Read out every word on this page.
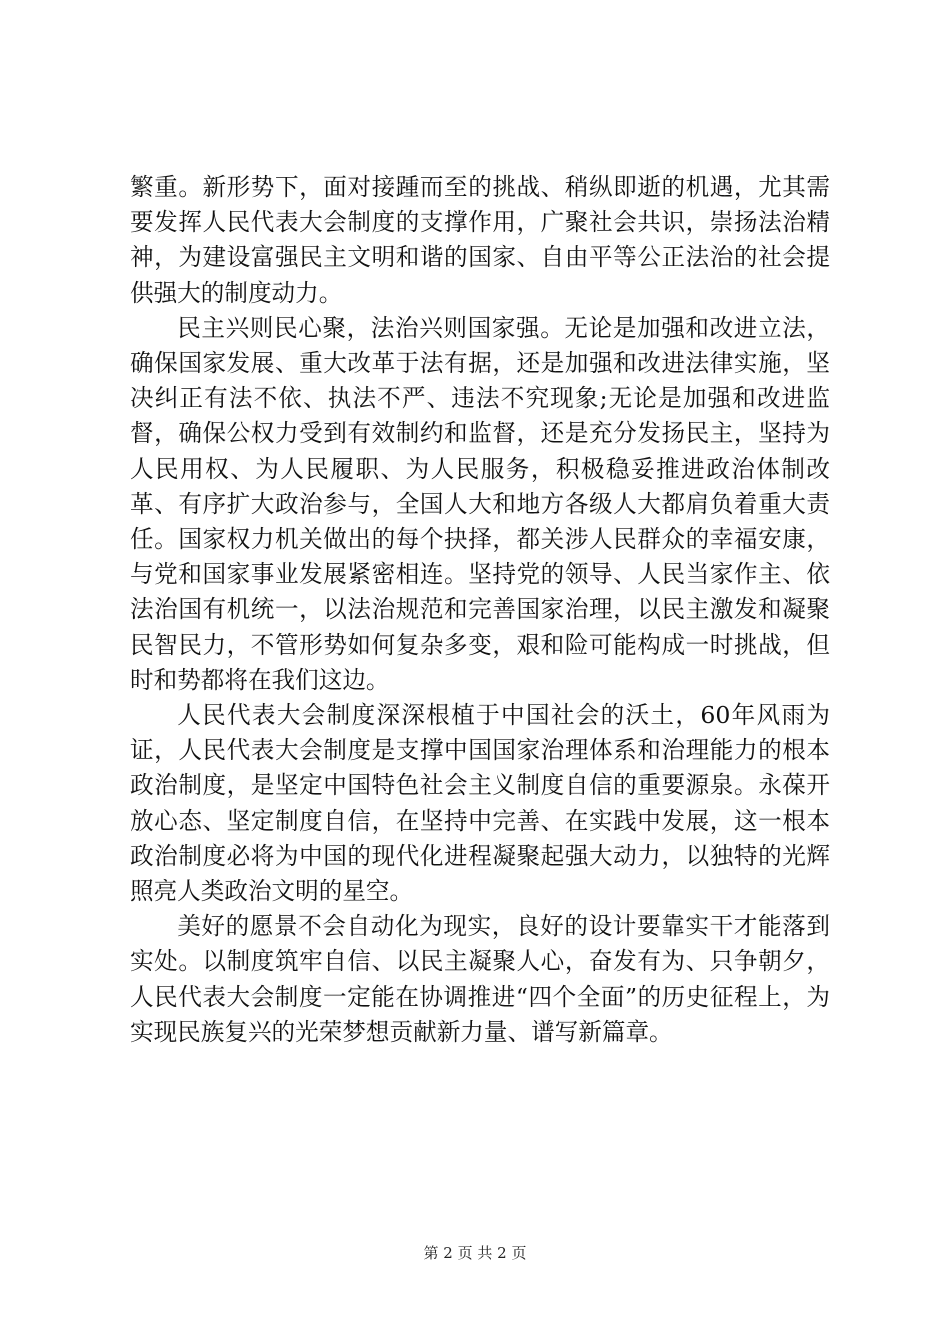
繁重。新形势下，面对接踵而至的挑战、稍纵即逝的机遇，尤其需要发挥人民代表大会制度的支撑作用，广聚社会共识，崇扬法治精神，为建设富强民主文明和谐的国家、自由平等公正法治的社会提供强大的制度动力。

民主兴则民心聚，法治兴则国家强。无论是加强和改进立法，确保国家发展、重大改革于法有据，还是加强和改进法律实施，坚决纠正有法不依、执法不严、违法不究现象;无论是加强和改进监督，确保公权力受到有效制约和监督，还是充分发扬民主，坚持为人民用权、为人民履职、为人民服务，积极稳妥推进政治体制改革、有序扩大政治参与，全国人大和地方各级人大都肩负着重大责任。国家权力机关做出的每个抉择，都关涉人民群众的幸福安康，与党和国家事业发展紧密相连。坚持党的领导、人民当家作主、依法治国有机统一，以法治规范和完善国家治理，以民主激发和凝聚民智民力，不管形势如何复杂多变，艰和险可能构成一时挑战，但时和势都将在我们这边。

人民代表大会制度深深根植于中国社会的沃土，60年风雨为证，人民代表大会制度是支撑中国国家治理体系和治理能力的根本政治制度，是坚定中国特色社会主义制度自信的重要源泉。永葆开放心态、坚定制度自信，在坚持中完善、在实践中发展，这一根本政治制度必将为中国的现代化进程凝聚起强大动力，以独特的光辉照亮人类政治文明的星空。

美好的愿景不会自动化为现实，良好的设计要靠实干才能落到实处。以制度筑牢自信、以民主凝聚人心，奋发有为、只争朝夕，人民代表大会制度一定能在协调推进“四个全面”的历史征程上，为实现民族复兴的光荣梦想贡献新力量、谱写新篇章。

第 2 页 共 2 页
